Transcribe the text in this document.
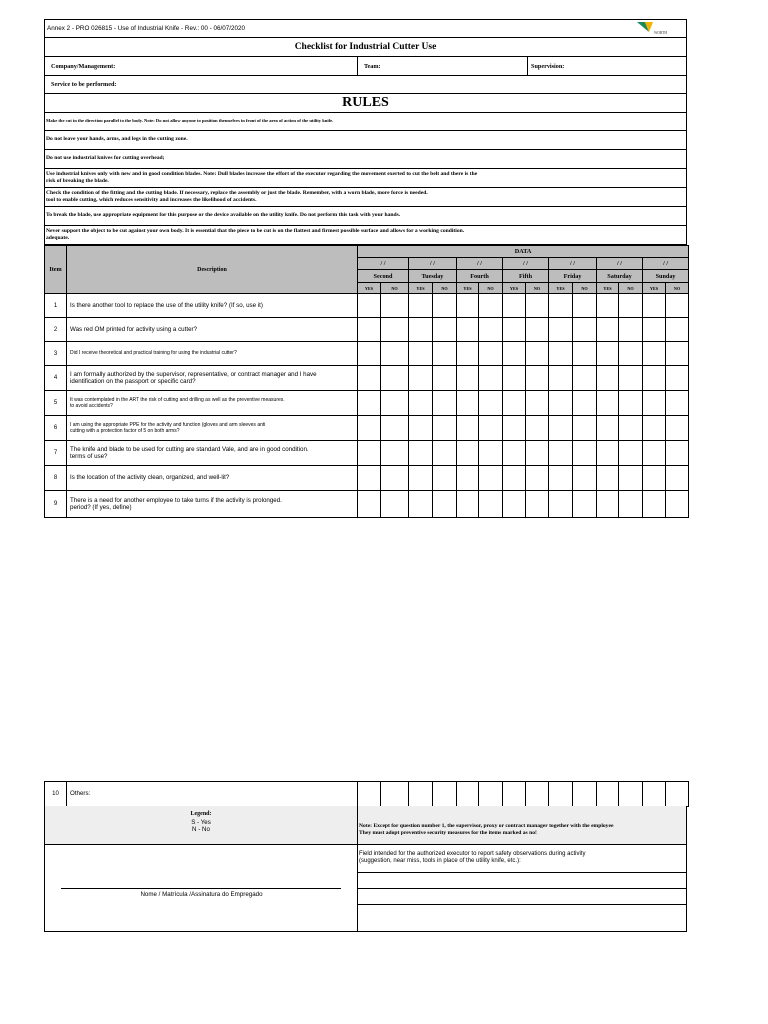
Annex 2 - PRO 026815 - Use of Industrial Knife - Rev.: 00 - 06/07/2020
WORTH
Checklist for Industrial Cutter Use
Company/Management:	Team:	Supervision:
Service to be performed:
RULES
Make the cut in the direction parallel to the body. Note: Do not allow anyone to position themselves in front of the area of action of the utility knife.
Do not leave your hands, arms, and legs in the cutting zone.
Do not use industrial knives for cutting overhead;
Use industrial knives only with new and in good condition blades. Note: Dull blades increase the effort of the executor regarding the movement exerted to cut the belt and there is the
risk of breaking the blade.
Check the condition of the fitting and the cutting blade. If necessary, replace the assembly or just the blade. Remember, with a worn blade, more force is needed.
tool to enable cutting, which reduces sensitivity and increases the likelihood of accidents.
To break the blade, use appropriate equipment for this purpose or the device available on the utility knife. Do not perform this task with your hands.
Never support the object to be cut against your own body. It is essential that the piece to be cut is on the flattest and firmest possible surface and allows for a working condition.
adequate.
Item	Description	DATA													
		/ /		/ /		/ /		/ /		/ /		/ /		/ /	
		Second		Tuesday		Fourth		Fifth		Friday		Saturday		Sunday	
		YES	NO	YES	NO	YES	NO	YES	NO	YES	NO	YES	NO	YES	NO
1	Is there another tool to replace the use of the utility knife? (If so, use it)														
2	Was red OM printed for activity using a cutter?														
3	Did I receive theoretical and practical training for using the industrial cutter?														
4	I am formally authorized by the supervisor, representative, or contract manager and I have
identification on the passport or specific card?														
5	It was contemplated in the ART the risk of cutting and drilling as well as the preventive measures.
to avoid accidents?														
6	I am using the appropriate PPE for the activity and function (gloves and arm sleeves anti
cutting with a protection factor of 5 on both arms?														
7	The knife and blade to be used for cutting are standard Vale, and are in good condition.
terms of use?														
8	Is the location of the activity clean, organized, and well-lit?														
9	There is a need for another employee to take turns if the activity is prolonged.
period? (If yes, define)														
10	Others:														
Legend:
S - Yes
N - No	Note: Except for question number 1, the supervisor, proxy or contract manager together with the employee
They must adopt preventive security measures for the items marked as no!

Nome / Matrícula /Assinatura do Empregado
Field intended for the authorized executor to report safety observations during activity
(suggestion, near miss, tools in place of the utility knife, etc.):
